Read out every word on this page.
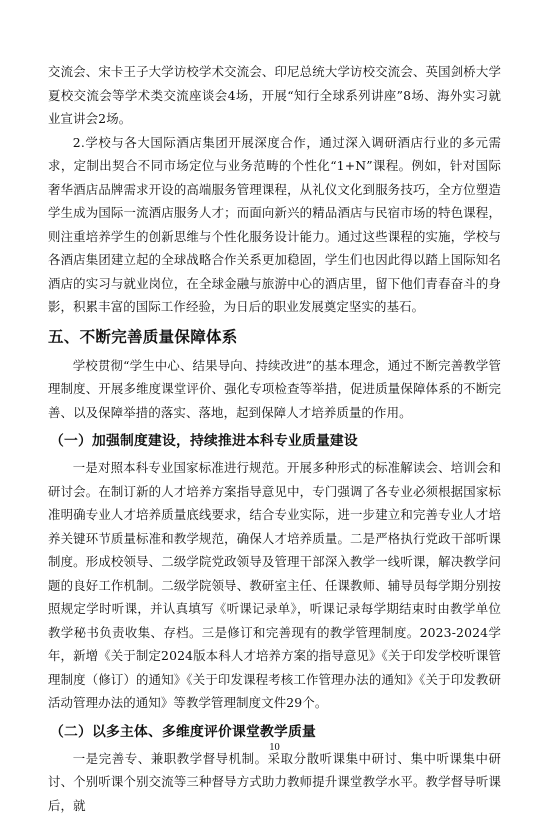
交流会、宋卡王子大学访校学术交流会、印尼总统大学访校交流会、英国剑桥大学夏校交流会等学术类交流座谈会4场，开展“知行全球系列讲座”8场、海外实习就业宣讲会2场。

2.学校与各大国际酒店集团开展深度合作，通过深入调研酒店行业的多元需求，定制出契合不同市场定位与业务范畴的个性化“1+N”课程。例如，针对国际奢华酒店品牌需求开设的高端服务管理课程，从礼仪文化到服务技巧，全方位塑造学生成为国际一流酒店服务人才；而面向新兴的精品酒店与民宿市场的特色课程，则注重培养学生的创新思维与个性化服务设计能力。通过这些课程的实施，学校与各酒店集团建立起的全球战略合作关系更加稳固，学生们也因此得以踏上国际知名酒店的实习与就业岗位，在全球金融与旅游中心的酒店里，留下他们青春奋斗的身影，积累丰富的国际工作经验，为日后的职业发展奠定坚实的基石。

五、不断完善质量保障体系

学校贯彻“学生中心、结果导向、持续改进”的基本理念，通过不断完善教学管理制度、开展多维度课堂评价、强化专项检查等举措，促进质量保障体系的不断完善、以及保障举措的落实、落地，起到保障人才培养质量的作用。

（一）加强制度建设，持续推进本科专业质量建设

一是对照本科专业国家标准进行规范。开展多种形式的标准解读会、培训会和研讨会。在制订新的人才培养方案指导意见中，专门强调了各专业必须根据国家标准明确专业人才培养质量底线要求，结合专业实际，进一步建立和完善专业人才培养关键环节质量标准和教学规范，确保人才培养质量。二是严格执行党政干部听课制度。形成校领导、二级学院党政领导及管理干部深入教学一线听课，解决教学问题的良好工作机制。二级学院领导、教研室主任、任课教师、辅导员每学期分别按照规定学时听课，并认真填写《听课记录单》，听课记录每学期结束时由教学单位教学秘书负责收集、存档。三是修订和完善现有的教学管理制度。2023-2024学年，新增《关于制定2024版本科人才培养方案的指导意见》《关于印发学校听课管理制度（修订）的通知》《关于印发课程考核工作管理办法的通知》《关于印发教研活动管理办法的通知》等教学管理制度文件29个。

（二）以多主体、多维度评价课堂教学质量

一是完善专、兼职教学督导机制。采取分散听课集中研讨、集中听课集中研讨、个别听课个别交流等三种督导方式助力教师提升课堂教学水平。教学督导听课后，就

10
